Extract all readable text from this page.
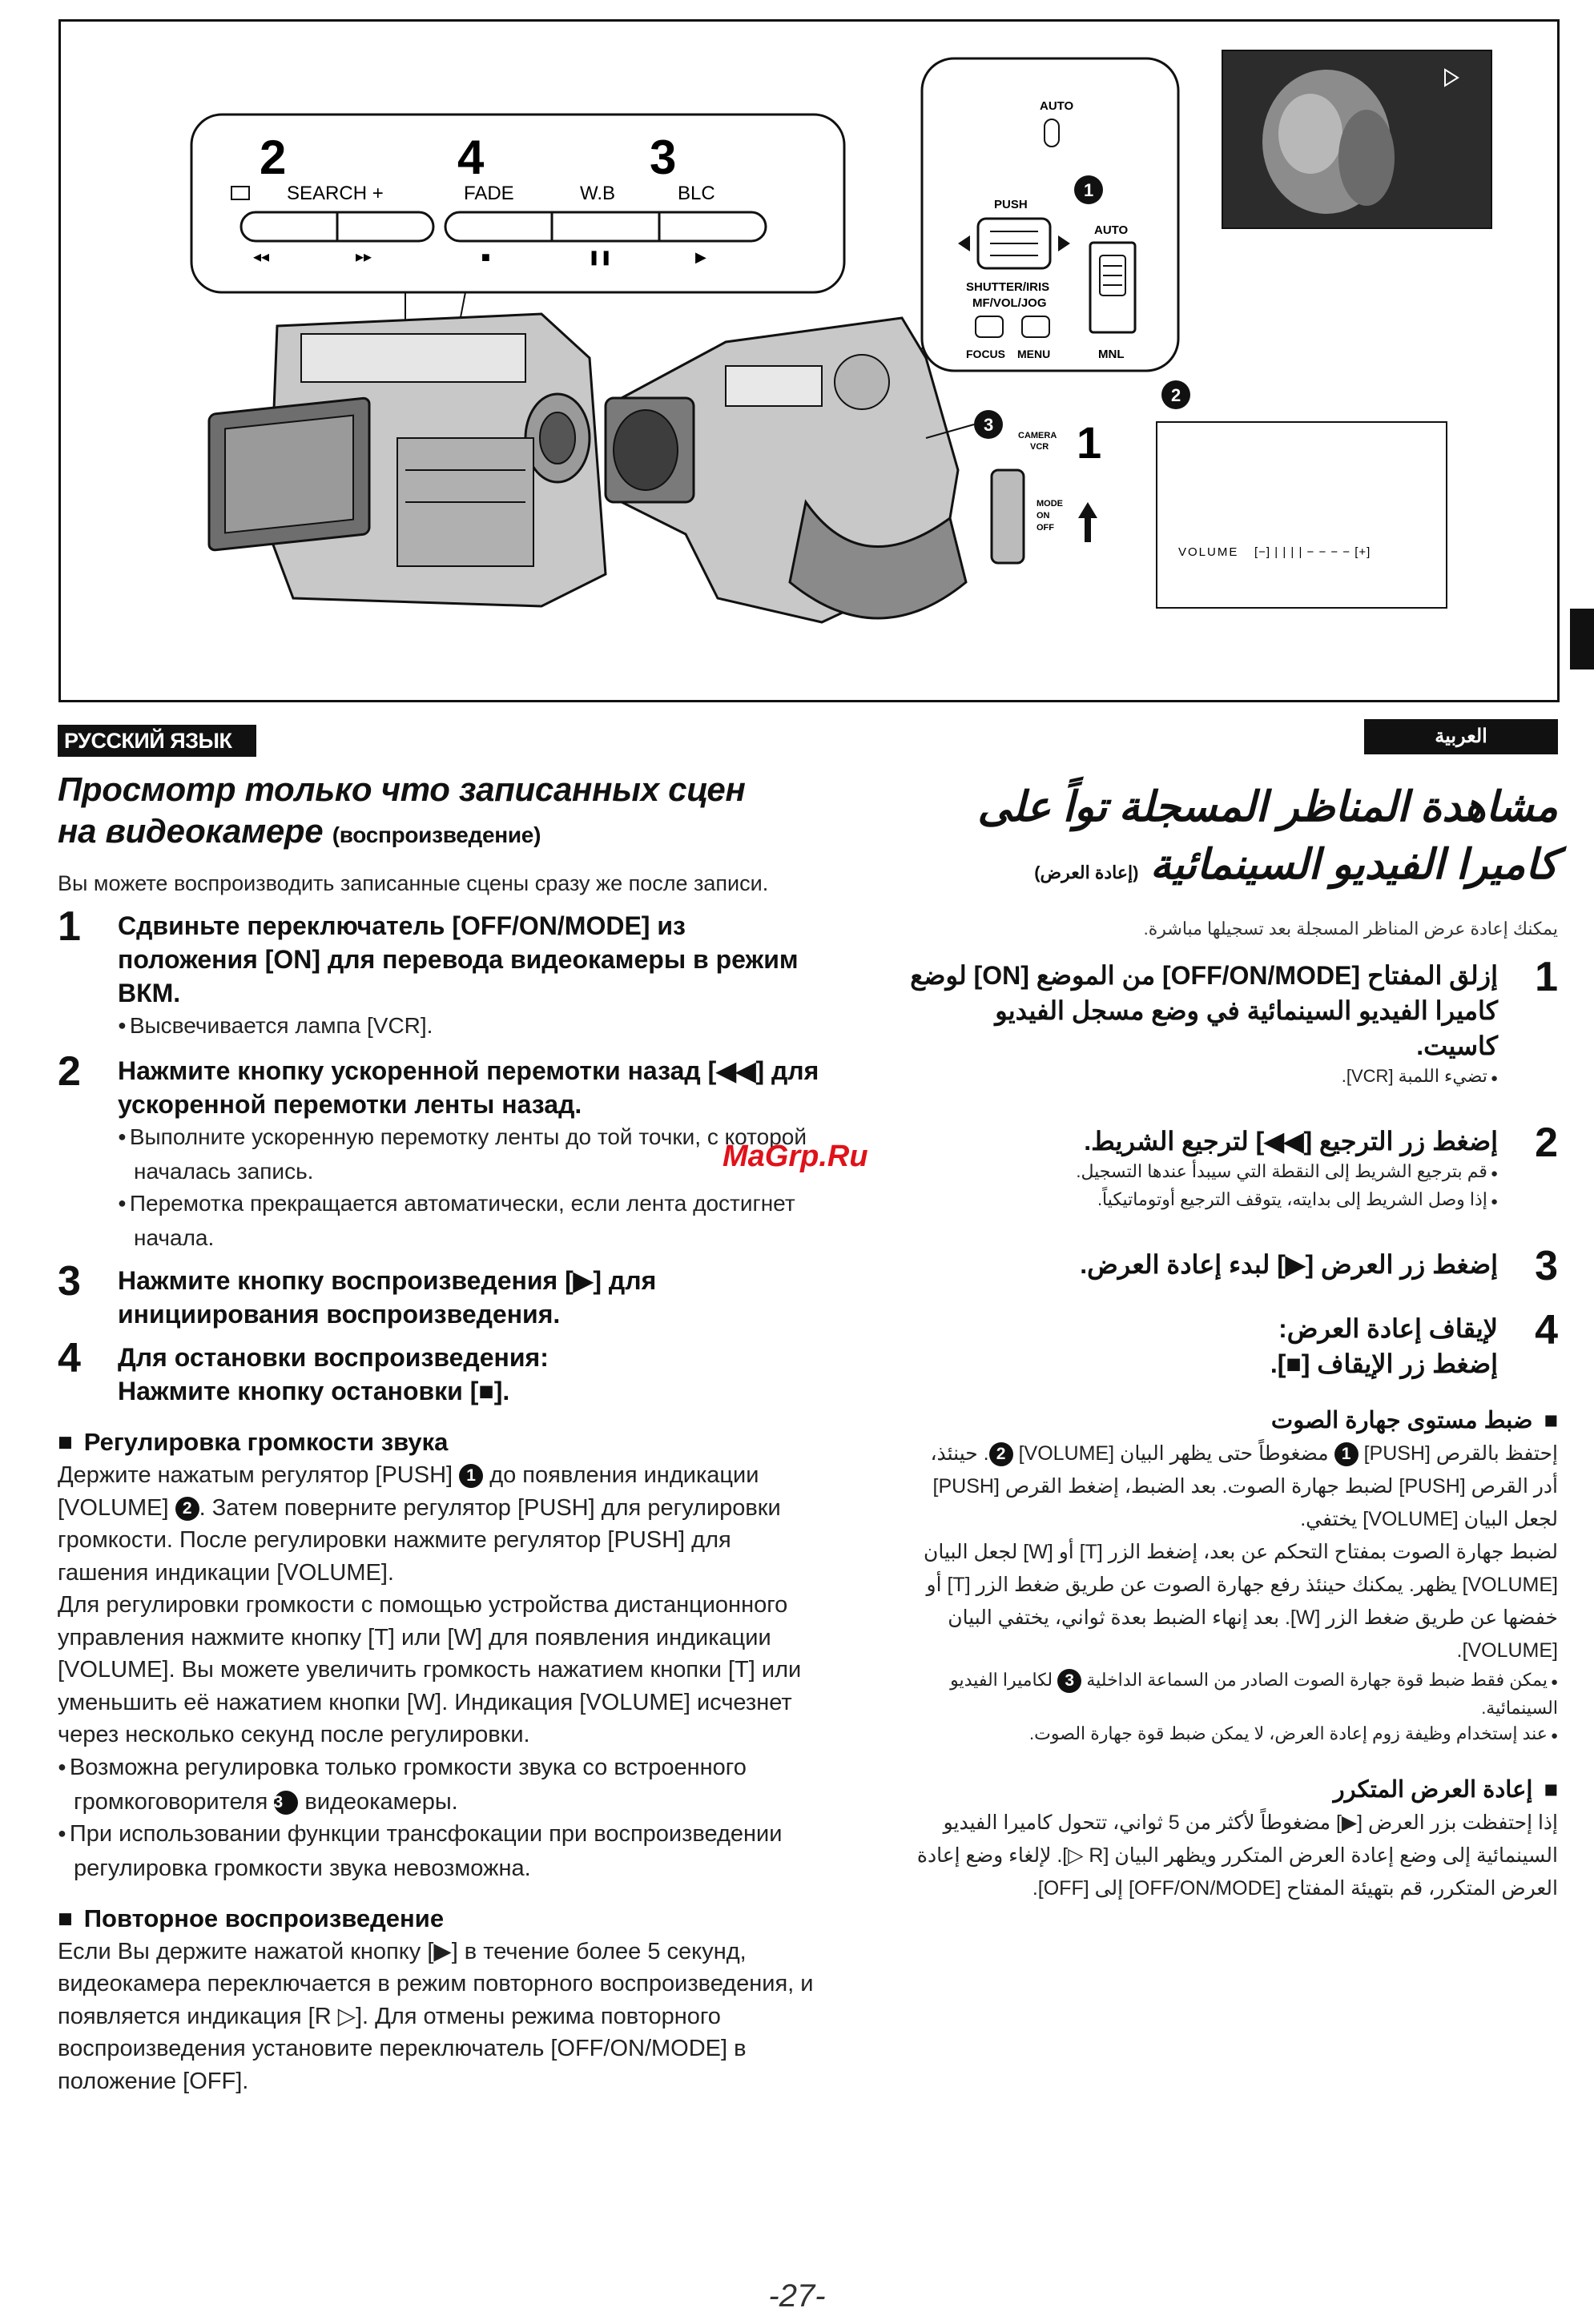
2	4	3
SEARCH +	FADE	W.B	BLC
◂◂	▸▸	■	❚❚	▶
AUTO
PUSH
1
SHUTTER/IRIS
MF/VOL/JOG
FOCUS MENU
AUTO
MNL
3
CAMERA
VCR 1
MODE
ON
OFF
2
VOLUME [−] | | | | − − − − [+]
РУССКИЙ ЯЗЫК	العربية
Просмотр только что записанных сцен
на видеокамере (воспроизведение)
Вы можете воспроизводить записанные сцены сразу же после записи.
1 Сдвиньте переключатель [OFF/ON/MODE] из положения [ON] для перевода видеокамеры в режим ВКМ.
● Высвечивается лампа [VCR].
2 Нажмите кнопку ускоренной перемотки назад [◀◀] для ускоренной перемотки ленты назад.
● Выполните ускоренную перемотку ленты до той точки, с которой началась запись.
● Перемотка прекращается автоматически, если лента достигнет начала.
3 Нажмите кнопку воспроизведения [▶] для инициирования воспроизведения.
4 Для остановки воспроизведения:
Нажмите кнопку остановки [■].
■ Регулировка громкости звука
Держите нажатым регулятор [PUSH] 1 до появления индикации [VOLUME] 2 . Затем поверните регулятор [PUSH] для регулировки громкости. После регулировки нажмите регулятор [PUSH] для гашения индикации [VOLUME].
Для регулировки громкости с помощью устройства дистанционного управления нажмите кнопку [T] или [W] для появления индикации [VOLUME]. Вы можете увеличить громкость нажатием кнопки [T] или уменьшить её нажатием кнопки [W]. Индикация [VOLUME] исчезнет через несколько секунд после регулировки.
● Возможна регулировка только громкости звука со встроенного громкоговорителя 3 видеокамеры.
● При использовании функции трансфокации при воспроизведении регулировка громкости звука невозможна.
■ Повторное воспроизведение
Если Вы держите нажатой кнопку [▶] в течение более 5 секунд, видеокамера переключается в режим повторного воспроизведения, и появляется индикация [R ▷]. Для отмены режима повторного воспроизведения установите переключатель [OFF/ON/MODE] в положение [OFF].
مشاهدة المناظر المسجلة تواً على
كاميرا الفيديو السينمائية (إعادة العرض)
يمكنك إعادة عرض المناظر المسجلة بعد تسجيلها مباشرة.
1
إزلق المفتاح [OFF/ON/MODE] من الموضع [ON] لوضع كاميرا الفيديو السينمائية في وضع مسجل الفيديو كاسيت.
● تضيء اللمبة [VCR].
2
إضغط زر الترجيع [◀◀] لترجيع الشريط.
● قم بترجيع الشريط إلى النقطة التي سيبدأ عندها التسجيل.
● إذا وصل الشريط إلى بدايته، يتوقف الترجيع أوتوماتيكياً.
3
إضغط زر العرض [▶] لبدء إعادة العرض.
4
لإيقاف إعادة العرض:
إضغط زر الإيقاف [■].
■ ضبط مستوى جهارة الصوت
إحتفظ بالقرص [PUSH] 1 مضغوطاً حتى يظهر البيان [VOLUME] 2. حينئذ، أدر القرص [PUSH] لضبط جهارة الصوت. بعد الضبط، إضغط القرص [PUSH] لجعل البيان [VOLUME] يختفي.
لضبط جهارة الصوت بمفتاح التحكم عن بعد، إضغط الزر [T] أو [W] لجعل البيان [VOLUME] يظهر. يمكنك حينئذ رفع جهارة الصوت عن طريق ضغط الزر [T] أو خفضها عن طريق ضغط الزر [W]. بعد إنهاء الضبط بعدة ثواني، يختفي البيان [VOLUME].
● يمكن فقط ضبط قوة جهارة الصوت الصادر من السماعة الداخلية 3 لكاميرا الفيديو السينمائية.
● عند إستخدام وظيفة زوم إعادة العرض، لا يمكن ضبط قوة جهارة الصوت.
■ إعادة العرض المتكرر
إذا إحتفظت بزر العرض [▶] مضغوطاً لأكثر من 5 ثواني، تتحول كاميرا الفيديو السينمائية إلى وضع إعادة العرض المتكرر ويظهر البيان [R ▷]. لإلغاء وضع إعادة العرض المتكرر، قم بتهيئة المفتاح [OFF/ON/MODE] إلى [OFF].
MaGrp.Ru
-27-
